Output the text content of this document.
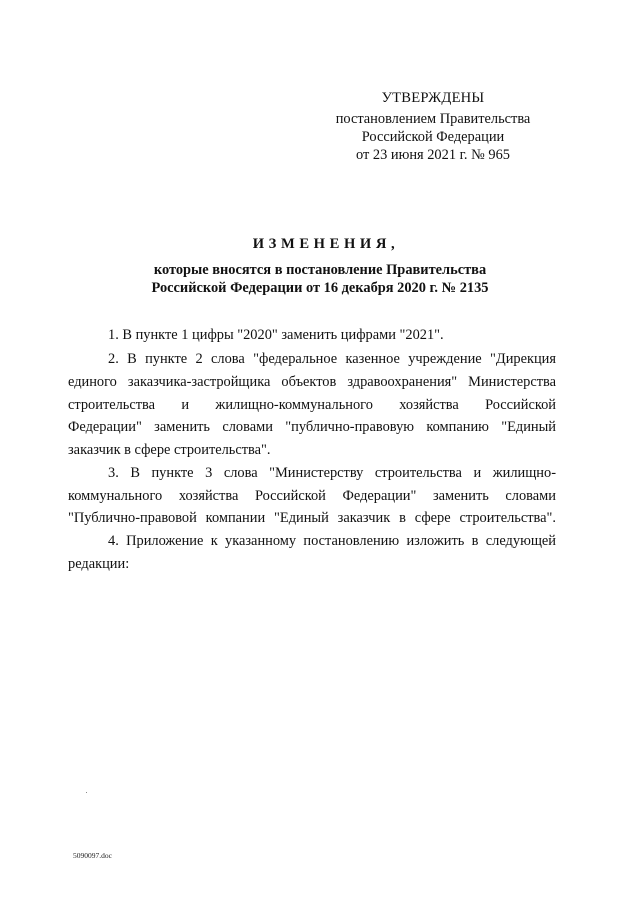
УТВЕРЖДЕНЫ
постановлением Правительства
Российской Федерации
от 23 июня 2021 г. № 965
ИЗМЕНЕНИЯ,
которые вносятся в постановление Правительства
Российской Федерации от 16 декабря 2020 г. № 2135
1. В пункте 1 цифры "2020" заменить цифрами "2021".
2. В пункте 2 слова "федеральное казенное учреждение "Дирекция
единого заказчика-застройщика объектов здравоохранения" Министерства
строительства и жилищно-коммунального хозяйства Российской
Федерации" заменить словами "публично-правовую компанию "Единый
заказчик в сфере строительства".
3. В пункте 3 слова "Министерству строительства и жилищно-
коммунального хозяйства Российской Федерации" заменить словами
"Публично-правовой компании "Единый заказчик в сфере строительства".
4. Приложение к указанному постановлению изложить в следующей
редакции:
5090097.doc
